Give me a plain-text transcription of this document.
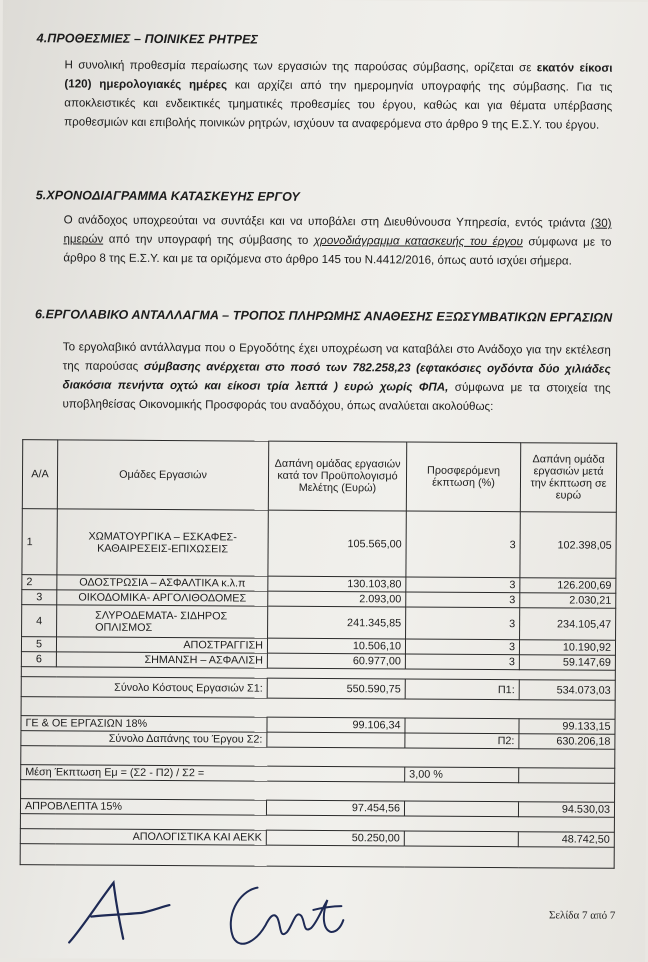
4.ΠΡΟΘΕΣΜΙΕΣ – ΠΟΙΝΙΚΕΣ ΡΗΤΡΕΣ
Η συνολική προθεσμία περαίωσης των εργασιών της παρούσας σύμβασης, ορίζεται σε εκατόν είκοσι (120) ημερολογιακές ημέρες και αρχίζει από την ημερομηνία υπογραφής της σύμβασης. Για τις αποκλειστικές και ενδεικτικές τμηματικές προθεσμίες του έργου, καθώς και για θέματα υπέρβασης προθεσμιών και επιβολής ποινικών ρητρών, ισχύουν τα αναφερόμενα στο άρθρο 9 της Ε.Σ.Υ. του έργου.
5.ΧΡΟΝΟΔΙΑΓΡΑΜΜΑ ΚΑΤΑΣΚΕΥΗΣ ΕΡΓΟΥ
Ο ανάδοχος υποχρεούται να συντάξει και να υποβάλει στη Διευθύνουσα Υπηρεσία, εντός τριάντα (30) ημερών από την υπογραφή της σύμβασης το χρονοδιάγραμμα κατασκευής του έργου σύμφωνα με το άρθρο 8 της Ε.Σ.Υ. και με τα οριζόμενα στο άρθρο 145 του Ν.4412/2016, όπως αυτό ισχύει σήμερα.
6.ΕΡΓΟΛΑΒΙΚΟ ΑΝΤΑΛΛΑΓΜΑ – ΤΡΟΠΟΣ ΠΛΗΡΩΜΗΣ ΑΝΑΘΕΣΗΣ ΕΞΩΣΥΜΒΑΤΙΚΩΝ ΕΡΓΑΣΙΩΝ
Το εργολαβικό αντάλλαγμα που ο Εργοδότης έχει υποχρέωση να καταβάλει στο Ανάδοχο για την εκτέλεση της παρούσας σύμβασης ανέρχεται στο ποσό των 782.258,23 (εφτακόσιες ογδόντα δύο χιλιάδες διακόσια πενήντα οχτώ και είκοσι τρία λεπτά ) ευρώ χωρίς ΦΠΑ, σύμφωνα με τα στοιχεία της υποβληθείσας Οικονομικής Προσφοράς του αναδόχου, όπως αναλύεται ακολούθως:
Α/Α	Ομάδες Εργασιών	Δαπάνη ομάδας εργασιών κατά τον Προϋπολογισμό Μελέτης (Ευρώ)	Προσφερόμενη έκπτωση (%)	Δαπάνη ομάδα εργασιών μετά την έκπτωση σε ευρώ
1	ΧΩΜΑΤΟΥΡΓΙΚΑ – ΕΣΚΑΦΕΣ- ΚΑΘΑΙΡΕΣΕΙΣ-ΕΠΙΧΩΣΕΙΣ	105.565,00	3	102.398,05
2	ΟΔΟΣΤΡΩΣΙΑ – ΑΣΦΑΛΤΙΚΑ κ.λ.π	130.103,80	3	126.200,69
3	ΟΙΚΟΔΟΜΙΚΑ- ΑΡΓΟΛΙΘΟΔΟΜΕΣ	2.093,00	3	2.030,21
4	ΣΛΥΡΟΔΕΜΑΤΑ- ΣΙΔΗΡΟΣ ΟΠΛΙΣΜΟΣ	241.345,85	3	234.105,47
5	ΑΠΟΣΤΡΑΓΓΙΣΗ	10.506,10	3	10.190,92
6	ΣΗΜΑΝΣΗ – ΑΣΦΑΛΙΣΗ	60.977,00	3	59.147,69

Σύνολο Κόστους Εργασιών Σ1:		550.590,75	Π1:	534.073,03

ΓΕ & ΟΕ ΕΡΓΑΣΙΩΝ 18%		99.106,34		99.133,15
Σύνολο Δαπάνης του Έργου Σ2:			Π2:	630.206,18

Μέση Έκπτωση Εμ = (Σ2 - Π2) / Σ2 =			3,00 %	

ΑΠΡΟΒΛΕΠΤΑ 15%		97.454,56		94.530,03

ΑΠΟΛΟΓΙΣΤΙΚΑ ΚΑΙ ΑΕΚΚ		50.250,00		48.742,50

Σελίδα 7 από 7
